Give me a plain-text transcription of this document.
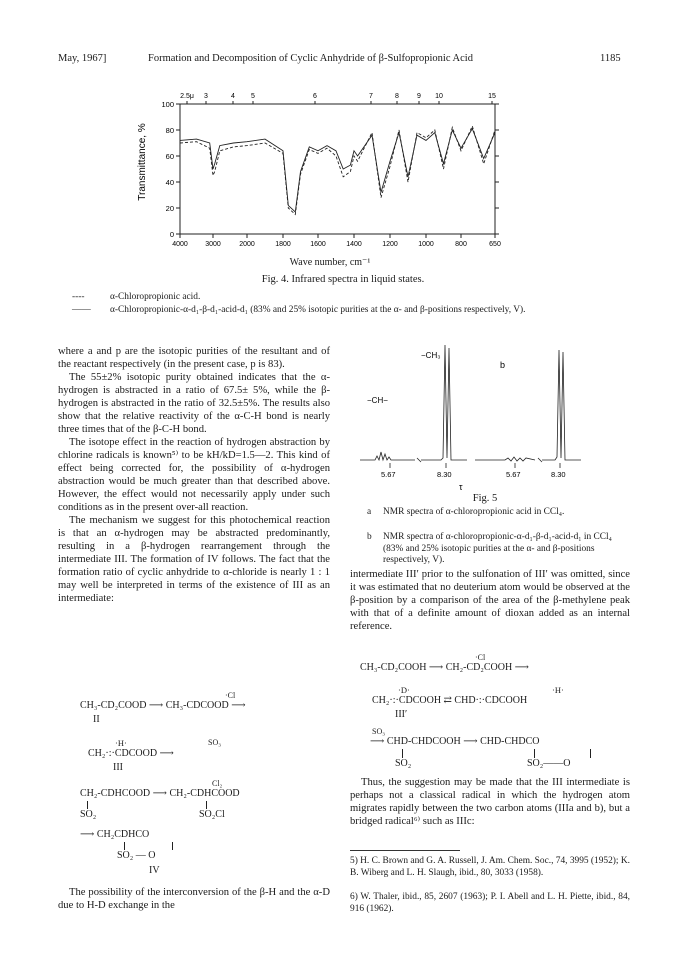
May, 1967]	Formation and Decomposition of Cyclic Anhydride of β-Sulfopropionic Acid	1185
0
20
40
60
80
100
4000 3000	2000	1800	1600	1400	1200	1000	800	650
2.5μ 3	4 5	6	7	8	9 10	15
Transmittance, %
Wave number, cm⁻¹
Fig. 4. Infrared spectra in liquid states.
----	α-Chloropropionic acid.
—— α-Chloropropionic-α-d₁-β-d₁-acid-d₁ (83% and 25% isotopic purities at the α- and β-positions respectively, V).

where a and p are the isotopic purities of the resultant and of the reactant respectively (in the present case, p is 83).

The 55±2% isotopic purity obtained indicates that the α-hydrogen is abstracted in a ratio of 67.5± 5%, while the β-hydrogen is abstracted in the ratio of 32.5±5%. The results also show that the relative reactivity of the α-C-H bond is nearly three times that of the β-C-H bond.

The isotope effect in the reaction of hydrogen abstraction by chlorine radicals is known⁵⁾ to be kH/kD=1.5—2. This kind of effect being corrected for, the possibility of α-hydrogen abstraction would be much greater than that described above. However, the effect would not necessarily apply under such conditions as in the present over-all reaction.

The mechanism we suggest for this photochemical reaction is that an α-hydrogen may be abstracted predominantly, resulting in a β-hydrogen rearrangement through the intermediate III. The formation of IV follows. The fact that the formation ratio of cyclic anhydride to α-chloride is nearly 1 : 1 may well be interpreted in terms of the existence of III as an intermediate:

·Cl
CH₃-CD₂COOD ⟶ CH₃-CDCOOD ⟶
II
·H·	SO₃
CH₂·:·CDCOOD ⟶
III
Cl₂
CH₂-CDHCOOD ⟶ CH₂-CDHCOOD
SO₂	SO₂Cl
⟶ CH₂CDHCO
SO₂ — O
IV

The possibility of the interconversion of the β-H and the α-D due to H-D exchange in the

−CH₃
−CH−
b
5.67	8.30	5.67	8.30
τ
Fig. 5
a NMR spectra of α-chloropropionic acid in CCl₄.
b NMR spectra of α-chloropropionic-α-d₁-β-d₁-acid-d₁ in CCl₄ (83% and 25% isotopic purities at the α- and β-positions respectively, V).

intermediate III′ prior to the sulfonation of III′ was omitted, since it was estimated that no deuterium atom would be observed at the β-position by a comparison of the area of the β-methylene peak with that of a definite amount of dioxan added as an internal reference.

·Cl
CH₃-CD₂COOH ⟶ CH₂-CD₂COOH ⟶
·D·	·H·
CH₂·:·CDCOOH ⇄ CHD·:·CDCOOH
III′
SO₃
⟶ CHD-CHDCOOH ⟶ CHD-CHDCO
SO₂	SO₂——O

Thus, the suggestion may be made that the III intermediate is perhaps not a classical radical in which the hydrogen atom migrates rapidly between the two carbon atoms (IIIa and b), but a bridged radical⁶⁾ such as IIIc:

5) H. C. Brown and G. A. Russell, J. Am. Chem. Soc., 74, 3995 (1952); K. B. Wiberg and L. H. Slaugh, ibid., 80, 3033 (1958).
6) W. Thaler, ibid., 85, 2607 (1963); P. I. Abell and L. H. Piette, ibid., 84, 916 (1962).
